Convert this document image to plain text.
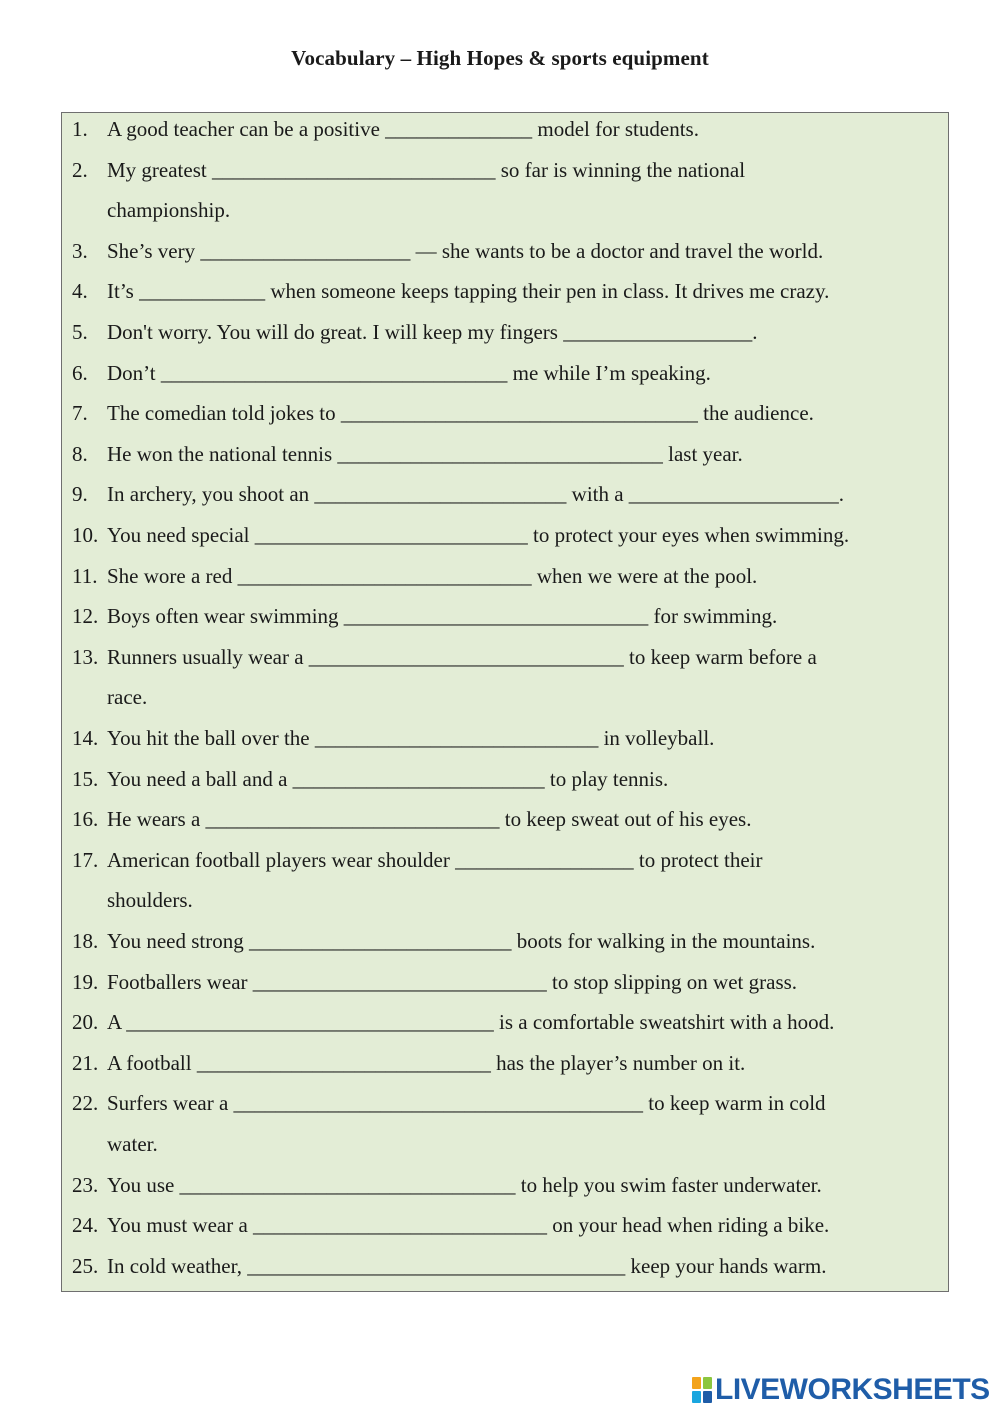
Vocabulary – High Hopes & sports equipment
1. A good teacher can be a positive ______________ model for students.
2. My greatest ___________________________ so far is winning the national
championship.
3. She’s very ____________________ — she wants to be a doctor and travel the world.
4. It’s ____________ when someone keeps tapping their pen in class. It drives me crazy.
5. Don't worry. You will do great. I will keep my fingers __________________.
6. Don’t _________________________________ me while I’m speaking.
7. The comedian told jokes to __________________________________ the audience.
8. He won the national tennis _______________________________ last year.
9. In archery, you shoot an ________________________ with a ____________________.
10. You need special __________________________ to protect your eyes when swimming.
11. She wore a red ____________________________ when we were at the pool.
12. Boys often wear swimming _____________________________ for swimming.
13. Runners usually wear a ______________________________ to keep warm before a
race.
14. You hit the ball over the ___________________________ in volleyball.
15. You need a ball and a ________________________ to play tennis.
16. He wears a ____________________________ to keep sweat out of his eyes.
17. American football players wear shoulder _________________ to protect their
shoulders.
18. You need strong _________________________ boots for walking in the mountains.
19. Footballers wear ____________________________ to stop slipping on wet grass.
20. A ___________________________________ is a comfortable sweatshirt with a hood.
21. A football ____________________________ has the player’s number on it.
22. Surfers wear a _______________________________________ to keep warm in cold
water.
23. You use ________________________________ to help you swim faster underwater.
24. You must wear a ____________________________ on your head when riding a bike.
25. In cold weather, ____________________________________ keep your hands warm.
LIVEWORKSHEETS
